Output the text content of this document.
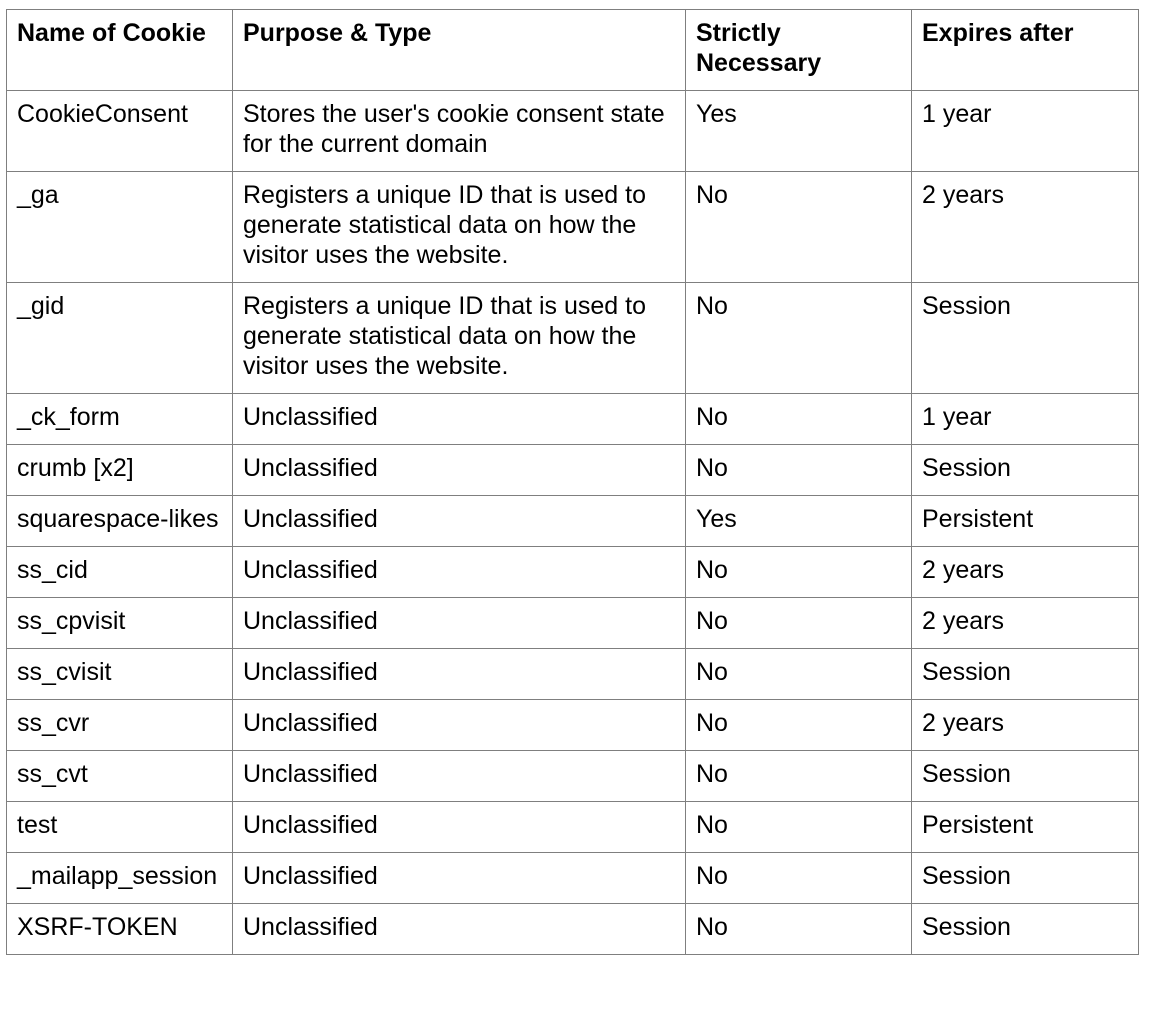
Name of Cookie	Purpose & Type	Strictly Necessary	Expires after
CookieConsent	Stores the user's cookie consent state for the current domain	Yes	1 year
_ga	Registers a unique ID that is used to generate statistical data on how the visitor uses the website.	No	2 years
_gid	Registers a unique ID that is used to generate statistical data on how the visitor uses the website.	No	Session
_ck_form	Unclassified	No	1 year
crumb [x2]	Unclassified	No	Session
squarespace-likes	Unclassified	Yes	Persistent
ss_cid	Unclassified	No	2 years
ss_cpvisit	Unclassified	No	2 years
ss_cvisit	Unclassified	No	Session
ss_cvr	Unclassified	No	2 years
ss_cvt	Unclassified	No	Session
test	Unclassified	No	Persistent
_mailapp_session	Unclassified	No	Session
XSRF-TOKEN	Unclassified	No	Session
